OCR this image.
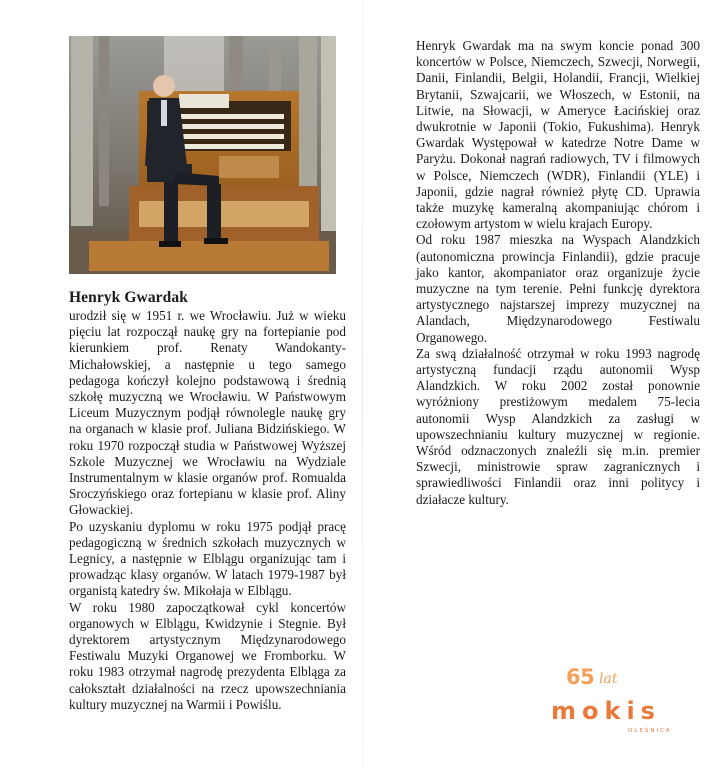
Henryk Gwardak

urodził się w 1951 r. we Wrocławiu. Już w wieku pięciu lat rozpoczął naukę gry na fortepianie pod kierunkiem prof. Renaty Wandokanty-Michałowskiej, a następnie u tego samego pedagoga kończył kolejno podstawową i średnią szkołę muzyczną we Wrocławiu. W Państwowym Liceum Muzycznym podjął równolegle naukę gry na organach w klasie prof. Juliana Bidzińskiego. W roku 1970 rozpoczął studia w Państwowej Wyższej Szkole Muzycznej we Wrocławiu na Wydziale Instrumentalnym w klasie organów prof. Romualda Sroczyńskiego oraz fortepianu w klasie prof. Aliny Głowackiej.

Po uzyskaniu dyplomu w roku 1975 podjął pracę pedagogiczną w średnich szkołach muzycznych w Legnicy, a następnie w Elblągu organizując tam i prowadząc klasy organów. W latach 1979-1987 był organistą katedry św. Mikołaja w Elblągu.

W roku 1980 zapoczątkował cykl koncertów organowych w Elblągu, Kwidzynie i Stegnie. Był dyrektorem artystycznym Międzynarodowego Festiwalu Muzyki Organowej we Fromborku. W roku 1983 otrzymał nagrodę prezydenta Elbląga za całokształt działalności na rzecz upowszechniania kultury muzycznej na Warmii i Powiślu.

Henryk Gwardak ma na swym koncie ponad 300 koncertów w Polsce, Niemczech, Szwecji, Norwegii, Danii, Finlandii, Belgii, Holandii, Francji, Wielkiej Brytanii, Szwajcarii, we Włoszech, w Estonii, na Litwie, na Słowacji, w Ameryce Łacińskiej oraz dwukrotnie w Japonii (Tokio, Fukushima). Henryk Gwardak Występował w katedrze Notre Dame w Paryżu. Dokonał nagrań radiowych, TV i filmowych w Polsce, Niemczech (WDR), Finlandii (YLE) i Japonii, gdzie nagrał również płytę CD. Uprawia także muzykę kameralną akompaniując chórom i czołowym artystom w wielu krajach Europy.

Od roku 1987 mieszka na Wyspach Alandzkich (autonomiczna prowincja Finlandii), gdzie pracuje jako kantor, akompaniator oraz organizuje życie muzyczne na tym terenie. Pełni funkcję dyrektora artystycznego najstarszej imprezy muzycznej na Alandach, Międzynarodowego Festiwalu Organowego.

Za swą działalność otrzymał w roku 1993 nagrodę artystyczną fundacji rządu autonomii Wysp Alandzkich. W roku 2002 został ponownie wyróżniony prestiżowym medalem 75-lecia autonomii Wysp Alandzkich za zasługi w upowszechnianiu kultury muzycznej w regionie. Wśród odznaczonych znaleźli się m.in. premier Szwecji, ministrowie spraw zagranicznych i sprawiedliwości Finlandii oraz inni politycy i działacze kultury.

65 lat
mokis
OLEŚNICA
